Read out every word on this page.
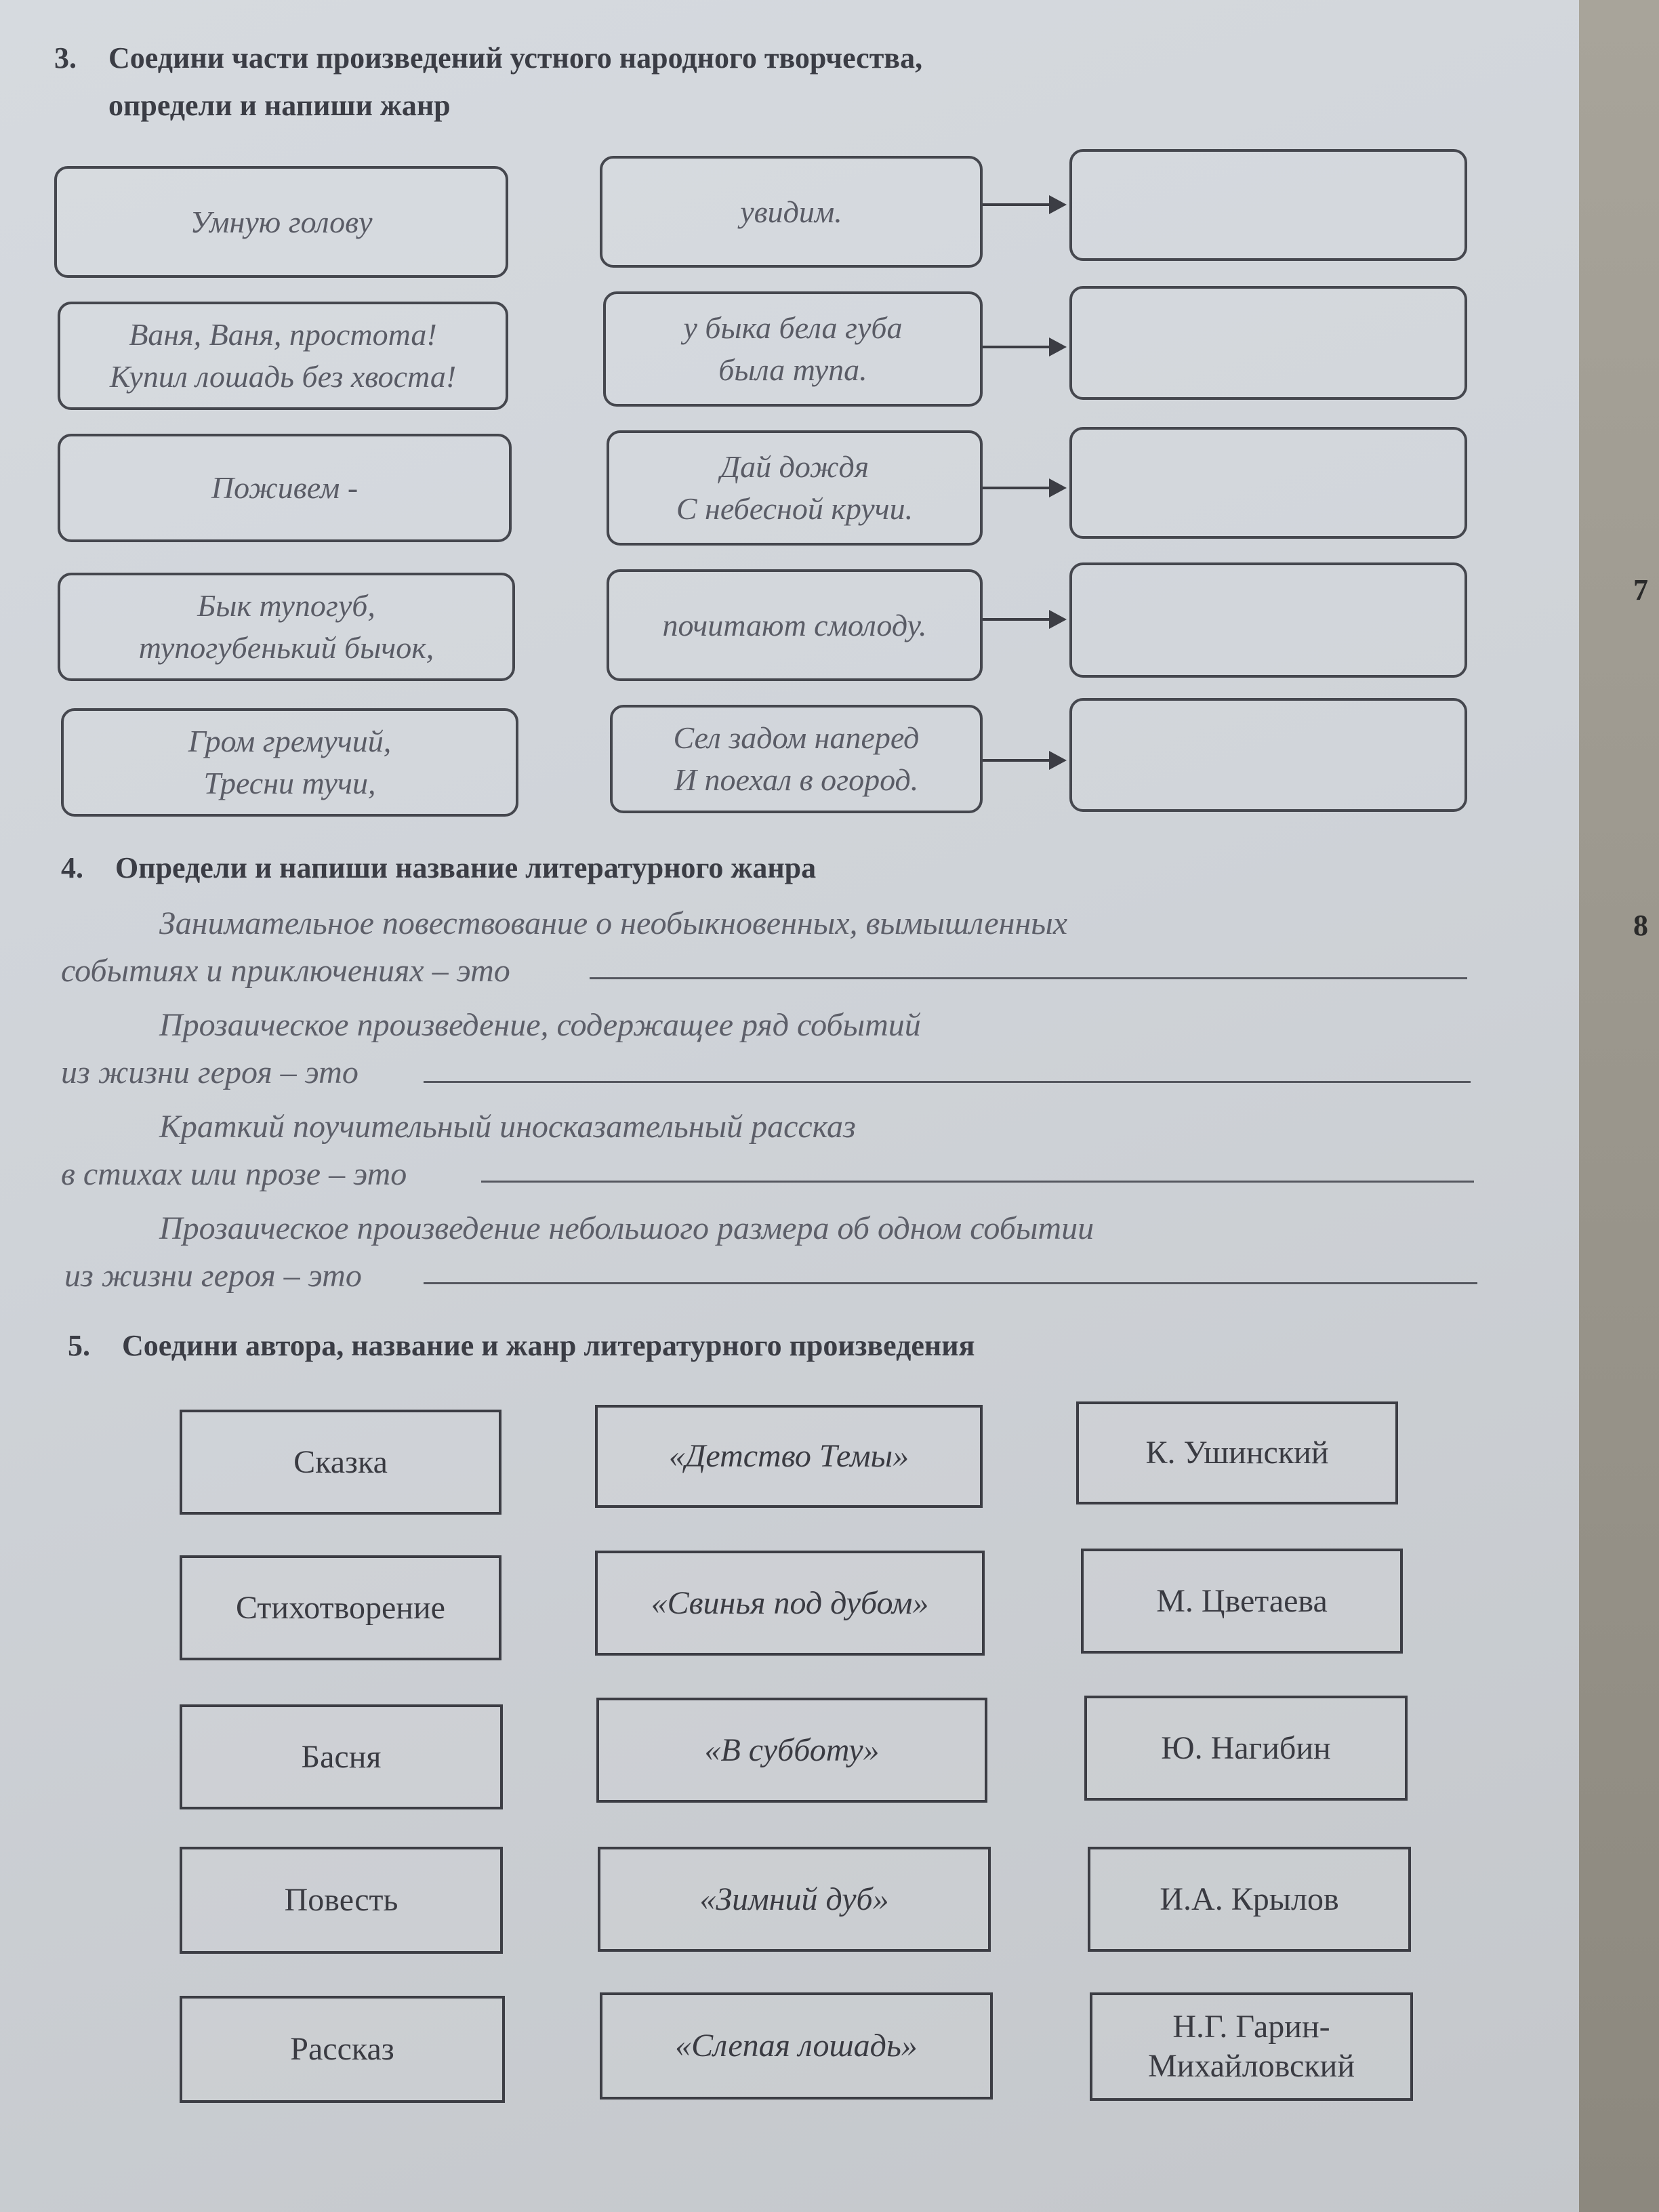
7
8
3. Соедини части произведений устного народного творчества,
определи и напиши жанр
Умную голову
Ваня, Ваня, простота!
Купил лошадь без хвоста!
Поживем -
Бык тупогуб,
тупогубенький бычок,
Гром гремучий,
Тресни тучи,
увидим.
у быка бела губа
была тупа.
Дай дождя
С небесной кручи.
почитают смолоду.
Сел задом наперед
И поехал в огород.
4. Определи и напиши название литературного жанра
Занимательное повествование о необыкновенных, вымышленных
событиях и приключениях – это
Прозаическое произведение, содержащее ряд событий
из жизни героя – это
Краткий поучительный иносказательный рассказ
в стихах или прозе – это
Прозаическое произведение небольшого размера об одном событии
из жизни героя – это
5. Соедини автора, название и жанр литературного произведения
Сказка
Стихотворение
Басня
Повесть
Рассказ
«Детство Темы»
«Свинья под дубом»
«В субботу»
«Зимний дуб»
«Слепая лошадь»
К. Ушинский
М. Цветаева
Ю. Нагибин
И.А. Крылов
Н.Г. Гарин-
Михайловский
